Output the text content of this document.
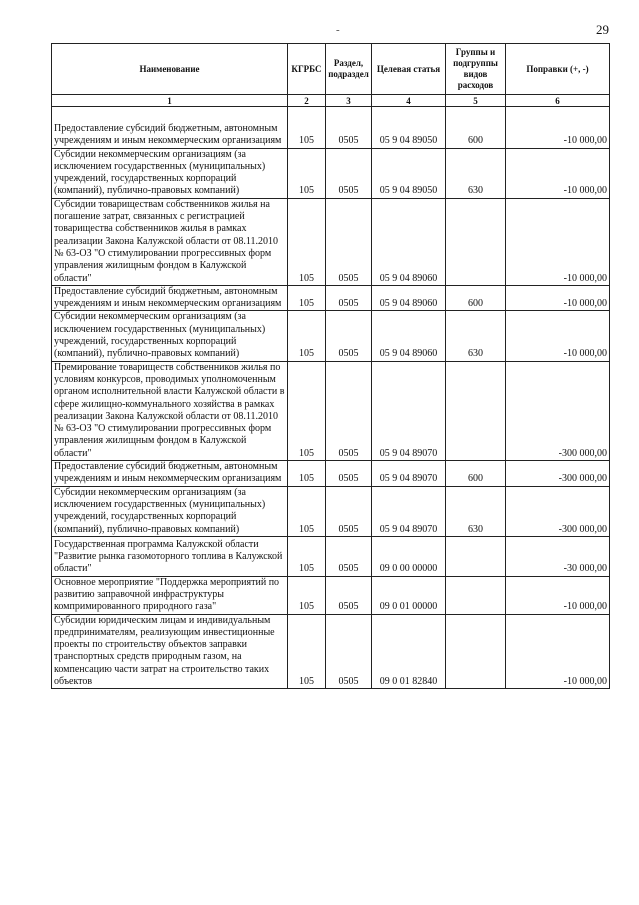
29
-
Наименование	КГРБС	Раздел, подраздел	Целевая статья	Группы и подгруппы видов расходов	Поправки (+, -)
1	2	3	4	5	6
Предоставление субсидий бюджетным, автономным учреждениям и иным некоммерческим организациям	105	0505	05 9 04 89050	600	-10 000,00
Субсидии некоммерческим организациям (за исключением государственных (муниципальных) учреждений, государственных корпораций (компаний), публично-правовых компаний)	105	0505	05 9 04 89050	630	-10 000,00
Субсидии товариществам собственников жилья на погашение затрат, связанных с регистрацией товарищества собственников жилья в рамках реализации Закона Калужской области от 08.11.2010 № 63-ОЗ "О стимулировании прогрессивных форм управления жилищным фондом в Калужской области"	105	0505	05 9 04 89060		-10 000,00
Предоставление субсидий бюджетным, автономным учреждениям и иным некоммерческим организациям	105	0505	05 9 04 89060	600	-10 000,00
Субсидии некоммерческим организациям (за исключением государственных (муниципальных) учреждений, государственных корпораций (компаний), публично-правовых компаний)	105	0505	05 9 04 89060	630	-10 000,00
Премирование товариществ собственников жилья по условиям конкурсов, проводимых уполномоченным органом исполнительной власти Калужской области в сфере жилищно-коммунального хозяйства в рамках реализации Закона Калужской области от 08.11.2010 № 63-ОЗ "О стимулировании прогрессивных форм управления жилищным фондом в Калужской области"	105	0505	05 9 04 89070		-300 000,00
Предоставление субсидий бюджетным, автономным учреждениям и иным некоммерческим организациям	105	0505	05 9 04 89070	600	-300 000,00
Субсидии некоммерческим организациям (за исключением государственных (муниципальных) учреждений, государственных корпораций (компаний), публично-правовых компаний)	105	0505	05 9 04 89070	630	-300 000,00
Государственная программа Калужской области "Развитие рынка газомоторного топлива в Калужской области"	105	0505	09 0 00 00000		-30 000,00
Основное мероприятие "Поддержка мероприятий по развитию заправочной инфраструктуры компримированного природного газа"	105	0505	09 0 01 00000		-10 000,00
Субсидии юридическим лицам и индивидуальным предпринимателям, реализующим инвестиционные проекты по строительству объектов заправки транспортных средств природным газом, на компенсацию части затрат на строительство таких объектов	105	0505	09 0 01 82840		-10 000,00
